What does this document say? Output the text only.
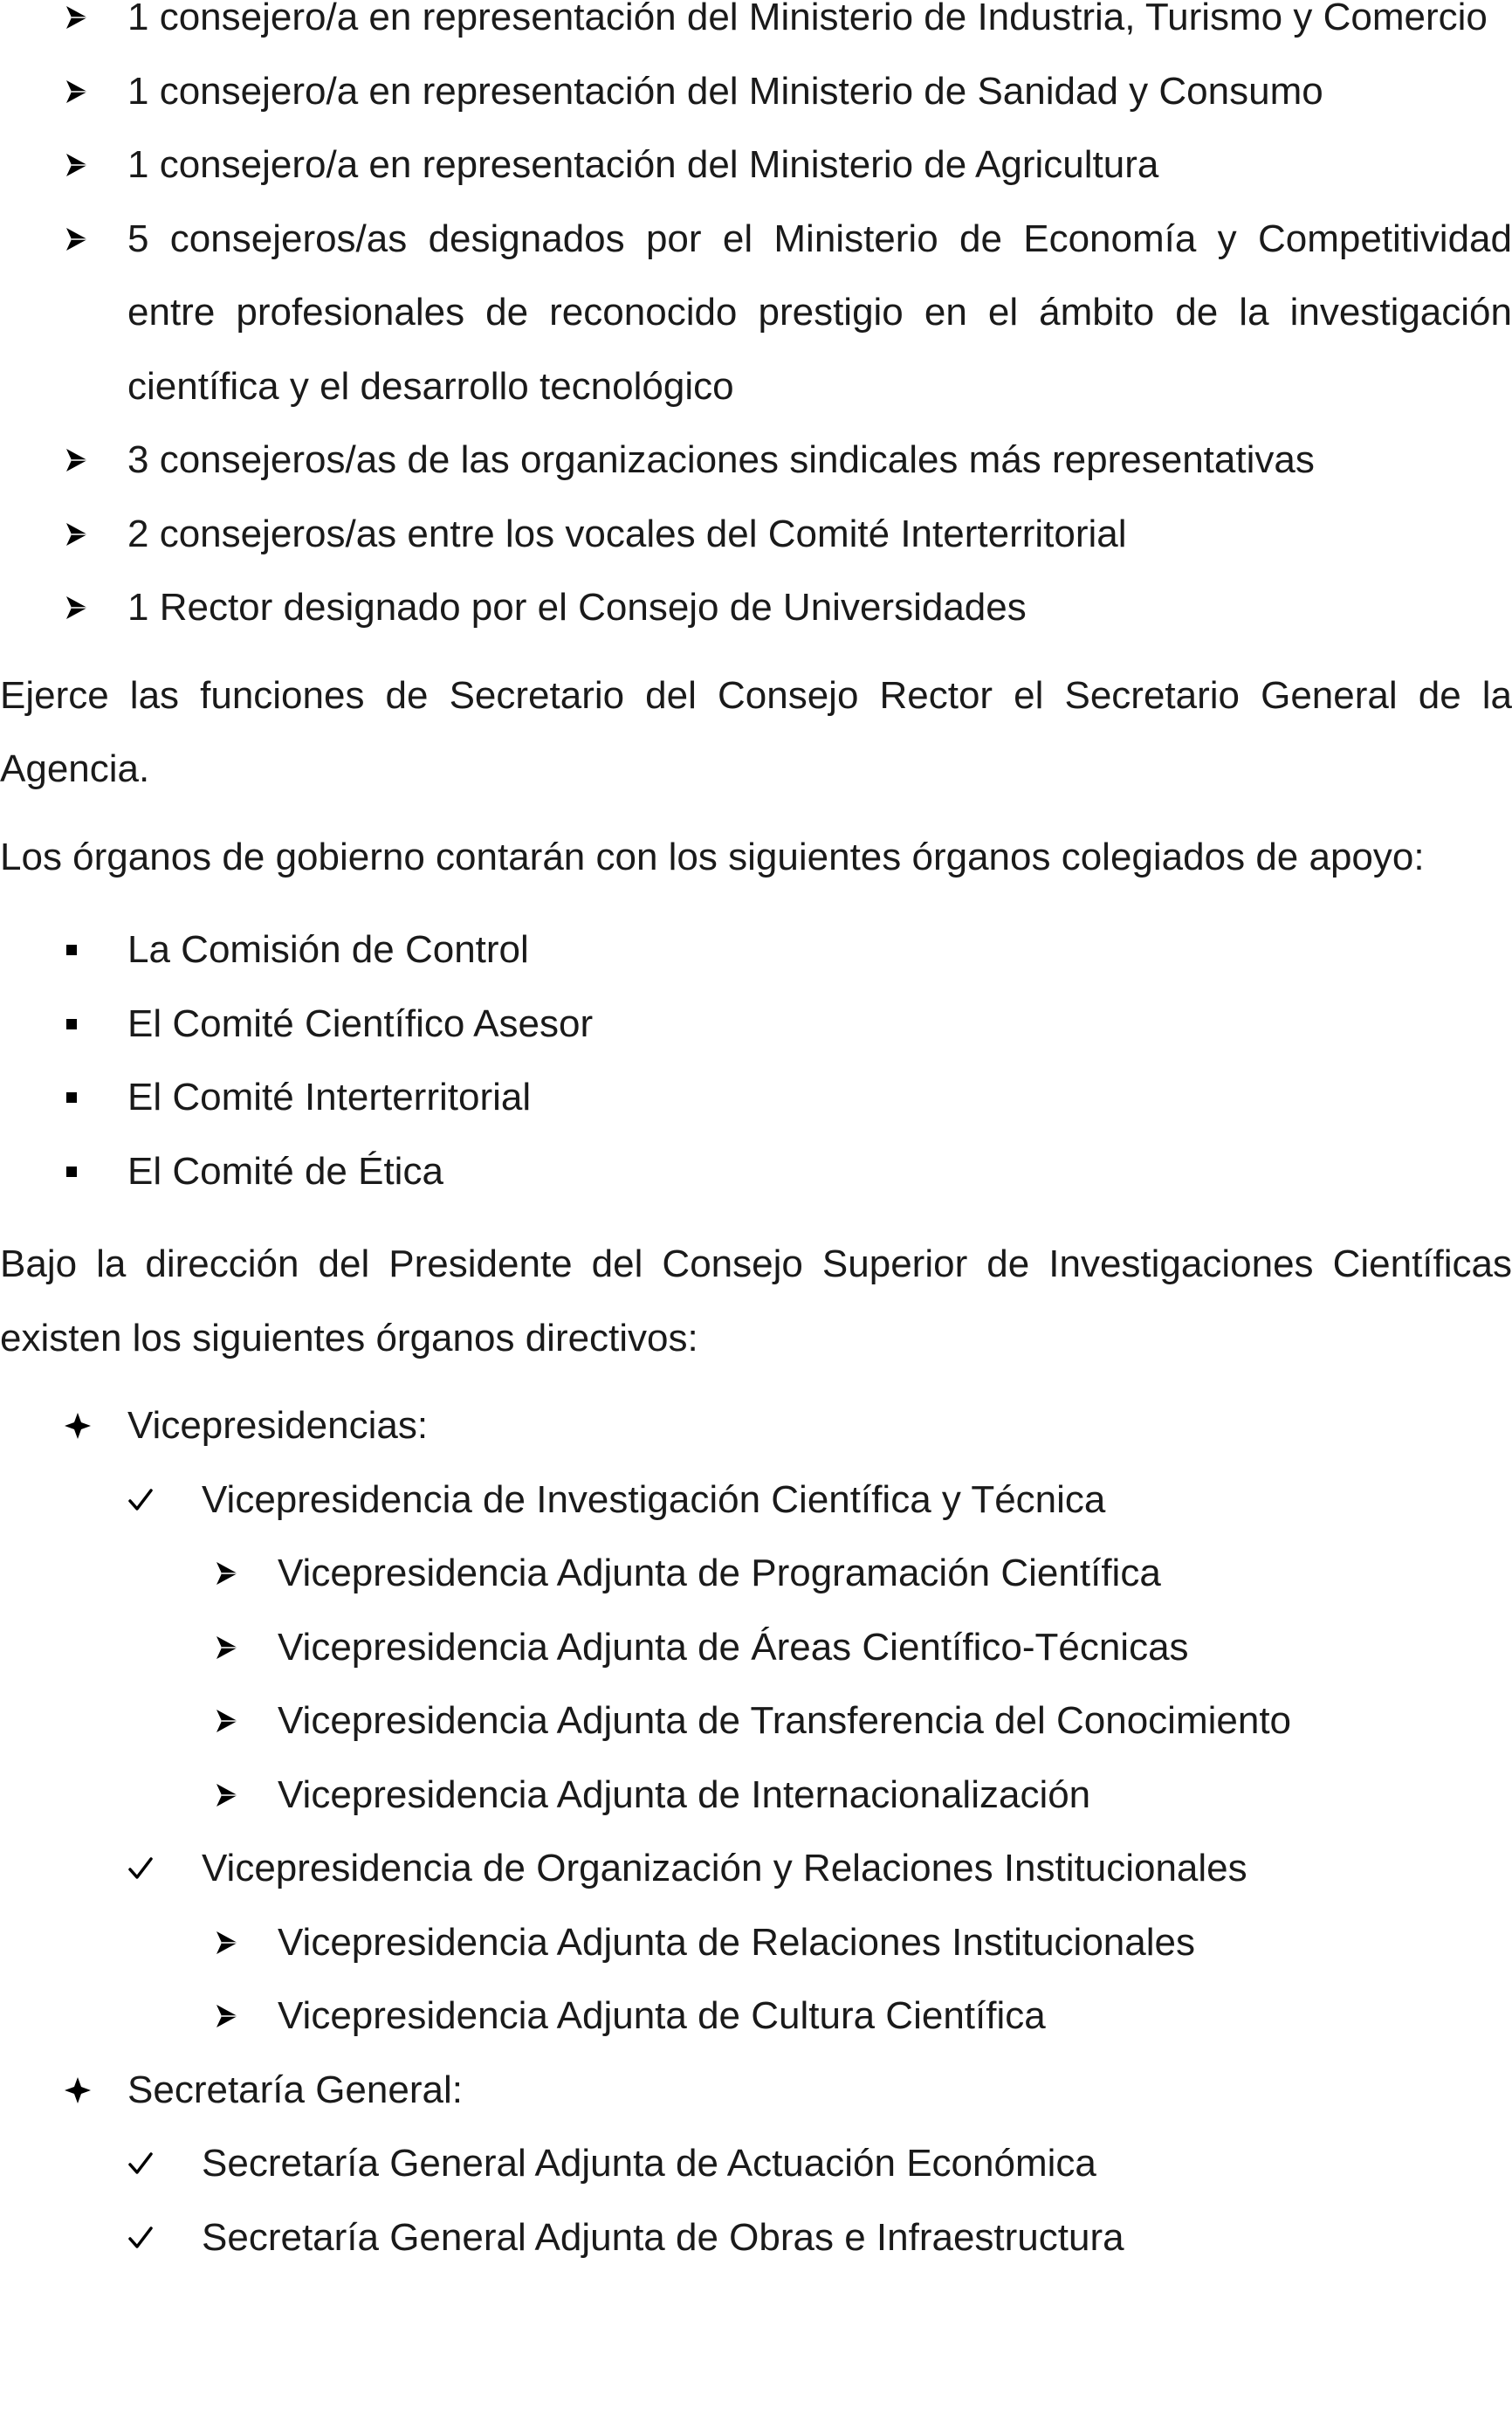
1 consejero/a en representación del Ministerio de Industria, Turismo y Comercio
1 consejero/a en representación del Ministerio de Sanidad y Consumo
1 consejero/a en representación del Ministerio de Agricultura
5 consejeros/as designados por el Ministerio de Economía y Competitividad entre profesionales de reconocido prestigio en el ámbito de la investigación científica y el desarrollo tecnológico
3 consejeros/as de las organizaciones sindicales más representativas
2 consejeros/as entre los vocales del Comité Interterritorial
1 Rector designado por el Consejo de Universidades

Ejerce las funciones de Secretario del Consejo Rector el Secretario General de la Agencia.

Los órganos de gobierno contarán con los siguientes órganos colegiados de apoyo:

La Comisión de Control
El Comité Científico Asesor
El Comité Interterritorial
El Comité de Ética

Bajo la dirección del Presidente del Consejo Superior de Investigaciones Científicas existen los siguientes órganos directivos:

Vicepresidencias:
Vicepresidencia de Investigación Científica y Técnica
Vicepresidencia Adjunta de Programación Científica
Vicepresidencia Adjunta de Áreas Científico-Técnicas
Vicepresidencia Adjunta de Transferencia del Conocimiento
Vicepresidencia Adjunta de Internacionalización
Vicepresidencia de Organización y Relaciones Institucionales
Vicepresidencia Adjunta de Relaciones Institucionales
Vicepresidencia Adjunta de Cultura Científica
Secretaría General:
Secretaría General Adjunta de Actuación Económica
Secretaría General Adjunta de Obras e Infraestructura
